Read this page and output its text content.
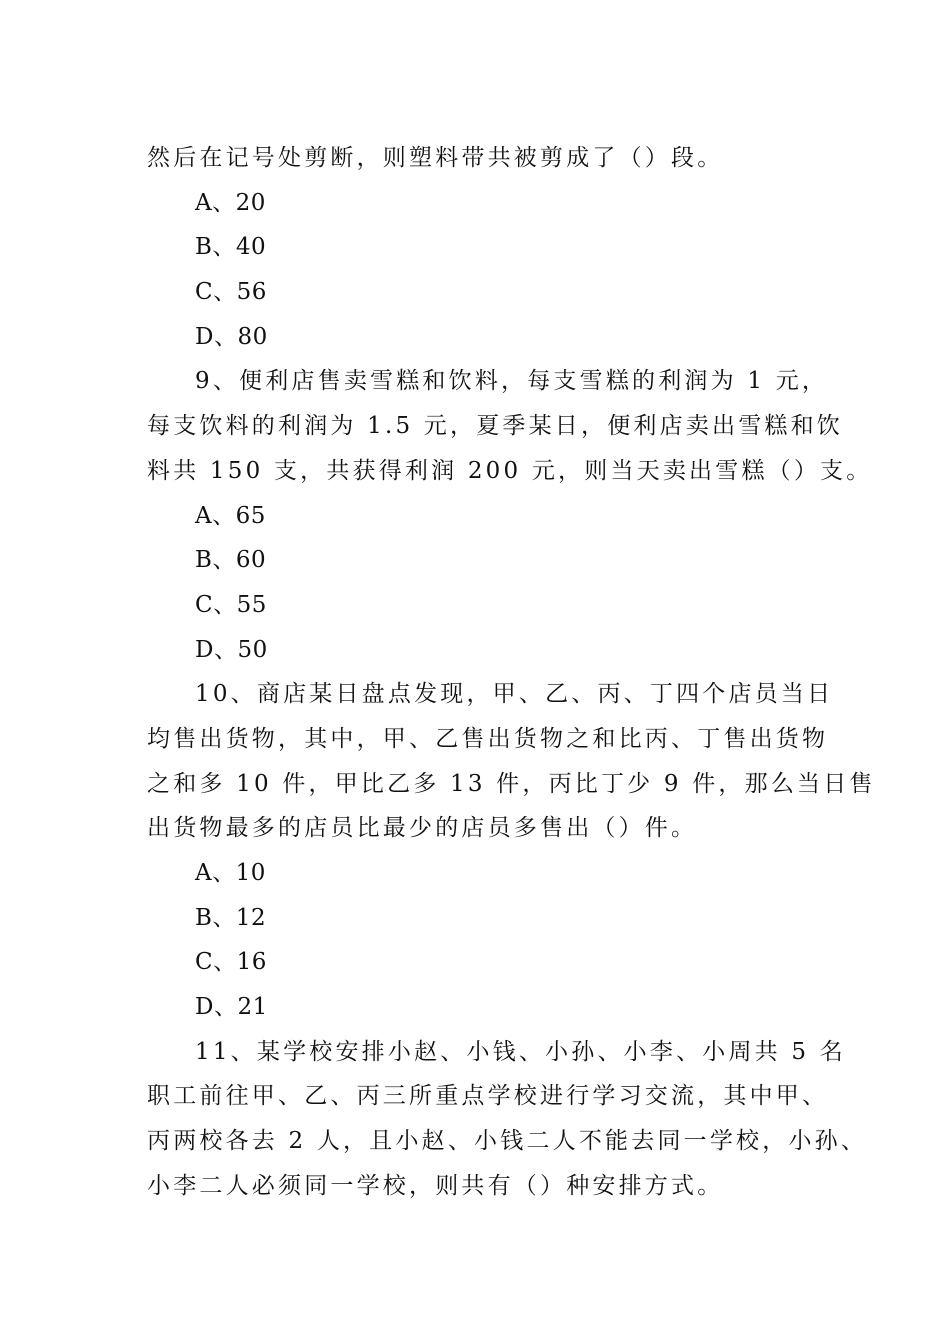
然后在记号处剪断，则塑料带共被剪成了（）段。
A、20
B、40
C、56
D、80
9、便利店售卖雪糕和饮料，每支雪糕的利润为 1 元，
每支饮料的利润为 1.5 元，夏季某日，便利店卖出雪糕和饮
料共 150 支，共获得利润 200 元，则当天卖出雪糕（）支。
A、65
B、60
C、55
D、50
10、商店某日盘点发现，甲、乙、丙、丁四个店员当日
均售出货物，其中，甲、乙售出货物之和比丙、丁售出货物
之和多 10 件，甲比乙多 13 件，丙比丁少 9 件，那么当日售
出货物最多的店员比最少的店员多售出（）件。
A、10
B、12
C、16
D、21
11、某学校安排小赵、小钱、小孙、小李、小周共 5 名
职工前往甲、乙、丙三所重点学校进行学习交流，其中甲、
丙两校各去 2 人，且小赵、小钱二人不能去同一学校，小孙、
小李二人必须同一学校，则共有（）种安排方式。
